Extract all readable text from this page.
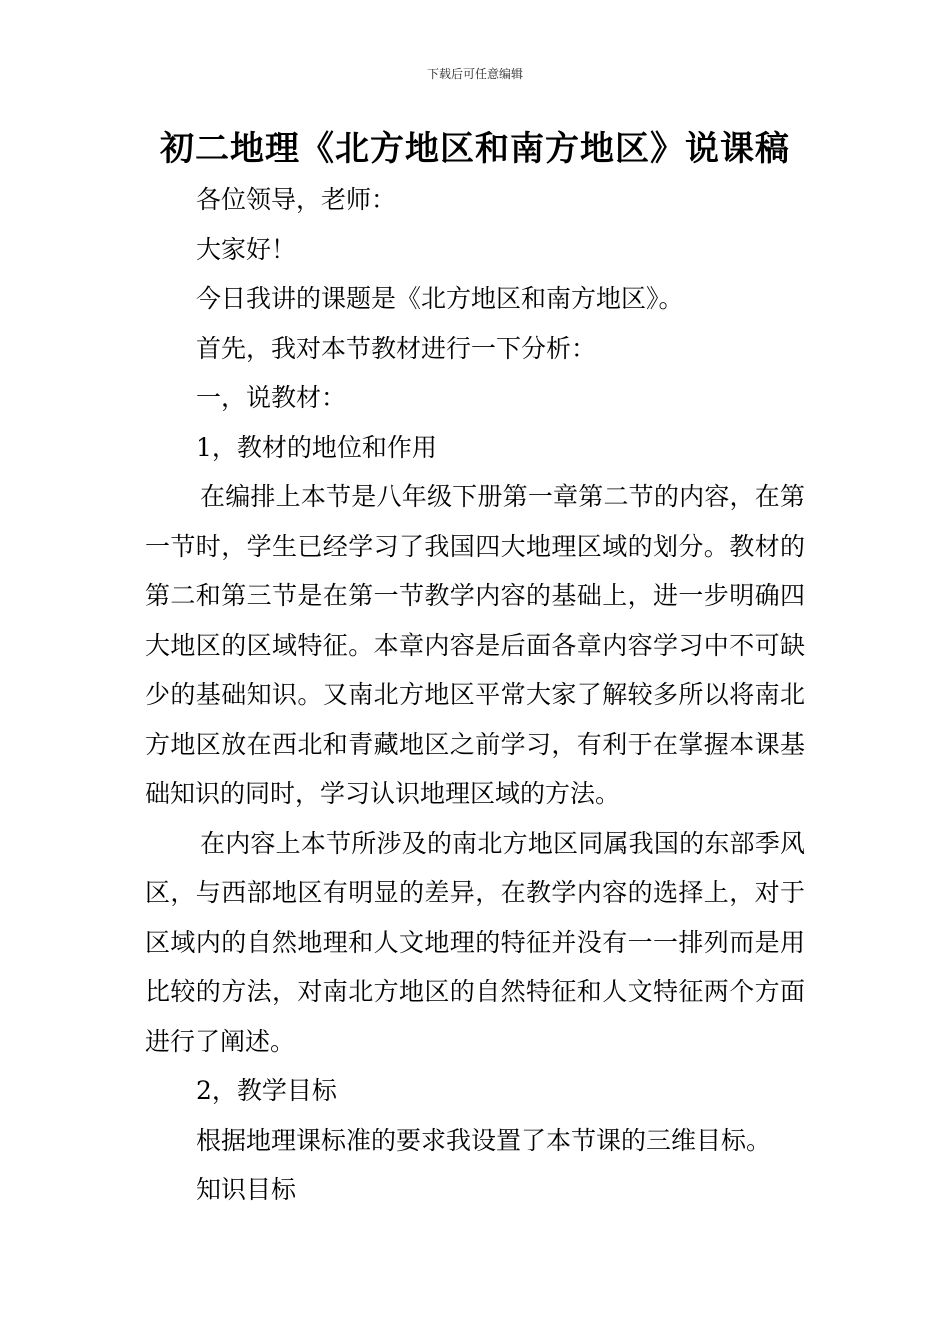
下载后可任意编辑
初二地理《北方地区和南方地区》说课稿

各位领导，老师：

大家好！

今日我讲的课题是《北方地区和南方地区》。

首先，我对本节教材进行一下分析：

一，说教材：

1，教材的地位和作用

在编排上本节是八年级下册第一章第二节的内容，在第一节时，学生已经学习了我国四大地理区域的划分。教材的第二和第三节是在第一节教学内容的基础上，进一步明确四大地区的区域特征。本章内容是后面各章内容学习中不可缺少的基础知识。又南北方地区平常大家了解较多所以将南北方地区放在西北和青藏地区之前学习，有利于在掌握本课基础知识的同时，学习认识地理区域的方法。

在内容上本节所涉及的南北方地区同属我国的东部季风区，与西部地区有明显的差异，在教学内容的选择上，对于区域内的自然地理和人文地理的特征并没有一一排列而是用比较的方法，对南北方地区的自然特征和人文特征两个方面进行了阐述。

2，教学目标

根据地理课标准的要求我设置了本节课的三维目标。

知识目标
